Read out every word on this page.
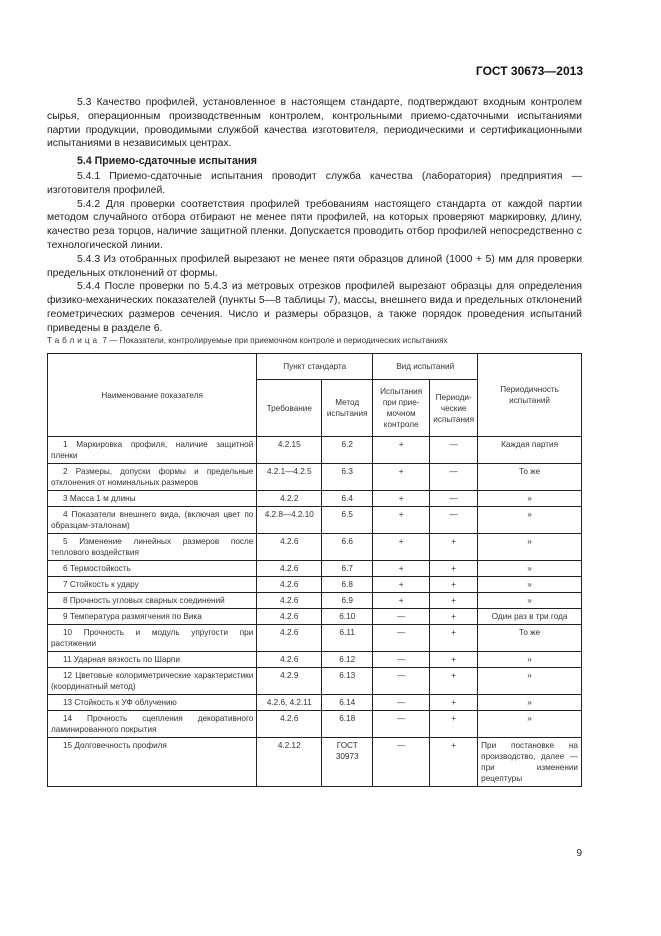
ГОСТ 30673—2013

5.3 Качество профилей, установленное в настоящем стандарте, подтверждают входным контролем сырья, операционным производственным контролем, контрольными приемо-сдаточными испытаниями партии продукции, проводимыми службой качества изготовителя, периодическими и сертификационными испытаниями в независимых центрах.

5.4 Приемо-сдаточные испытания

5.4.1 Приемо-сдаточные испытания проводит служба качества (лаборатория) предприятия — изготовителя профилей.

5.4.2 Для проверки соответствия профилей требованиям настоящего стандарта от каждой партии методом случайного отбора отбирают не менее пяти профилей, на которых проверяют маркировку, длину, качество реза торцов, наличие защитной пленки. Допускается проводить отбор профилей непосредственно с технологической линии.

5.4.3 Из отобранных профилей вырезают не менее пяти образцов длиной (1000 + 5) мм для проверки предельных отклонений от формы.

5.4.4 После проверки по 5.4.3 из метровых отрезков профилей вырезают образцы для определения физико-механических показателей (пункты 5—8 таблицы 7), массы, внешнего вида и предельных отклонений геометрических размеров сечения. Число и размеры образцов, а также порядок проведения испытаний приведены в разделе 6.

Таблица 7 — Показатели, контролируемые при приемочном контроле и периодических испытаниях
Наименование показателя	Пункт стандарта		Вид испытаний		Периодичность испытаний
	Требование	Метод испытания	Испытания при прие-мочном контроле	Периоди-ческие испытания	
1 Маркировка профиля, наличие защитной пленки	4.2.15	6.2	+	—	Каждая партия
2 Размеры, допуски формы и предельные отклонения от номинальных размеров	4.2.1—4.2.5	6.3	+	—	То же
3 Масса 1 м длины	4.2.2	6.4	+	—	»
4 Показатели внешнего вида, (включая цвет по образцам-эталонам)	4.2.8—4.2.10	6.5	+	—	»
5 Изменение линейных размеров после теплового воздействия	4.2.6	6.6	+	+	»
6 Термостойкость	4.2.6	6.7	+	+	»
7 Стойкость к удару	4.2.6	6.8	+	+	»
8 Прочность угловых сварных соединений	4.2.6	6.9	+	+	»
9 Температура размягчения по Вика	4.2.6	6.10	—	+	Один раз в три года
10 Прочность и модуль упругости при растяжении	4.2.6	6.11	—	+	То же
11 Ударная вязкость по Шарпи	4.2.6	6.12	—	+	»
12 Цветовые колориметрические характеристики (координатный метод)	4.2.9	6.13	—	+	»
13 Стойкость к УФ облучению	4.2.6, 4.2.11	6.14	—	+	»
14 Прочность сцепления декоративного ламинированного покрытия	4.2.6	6.18	—	+	»
15 Долговечность профиля	4.2.12	ГОСТ 30973	—	+	При постановке на производство, далее — при изменении рецептуры
9
